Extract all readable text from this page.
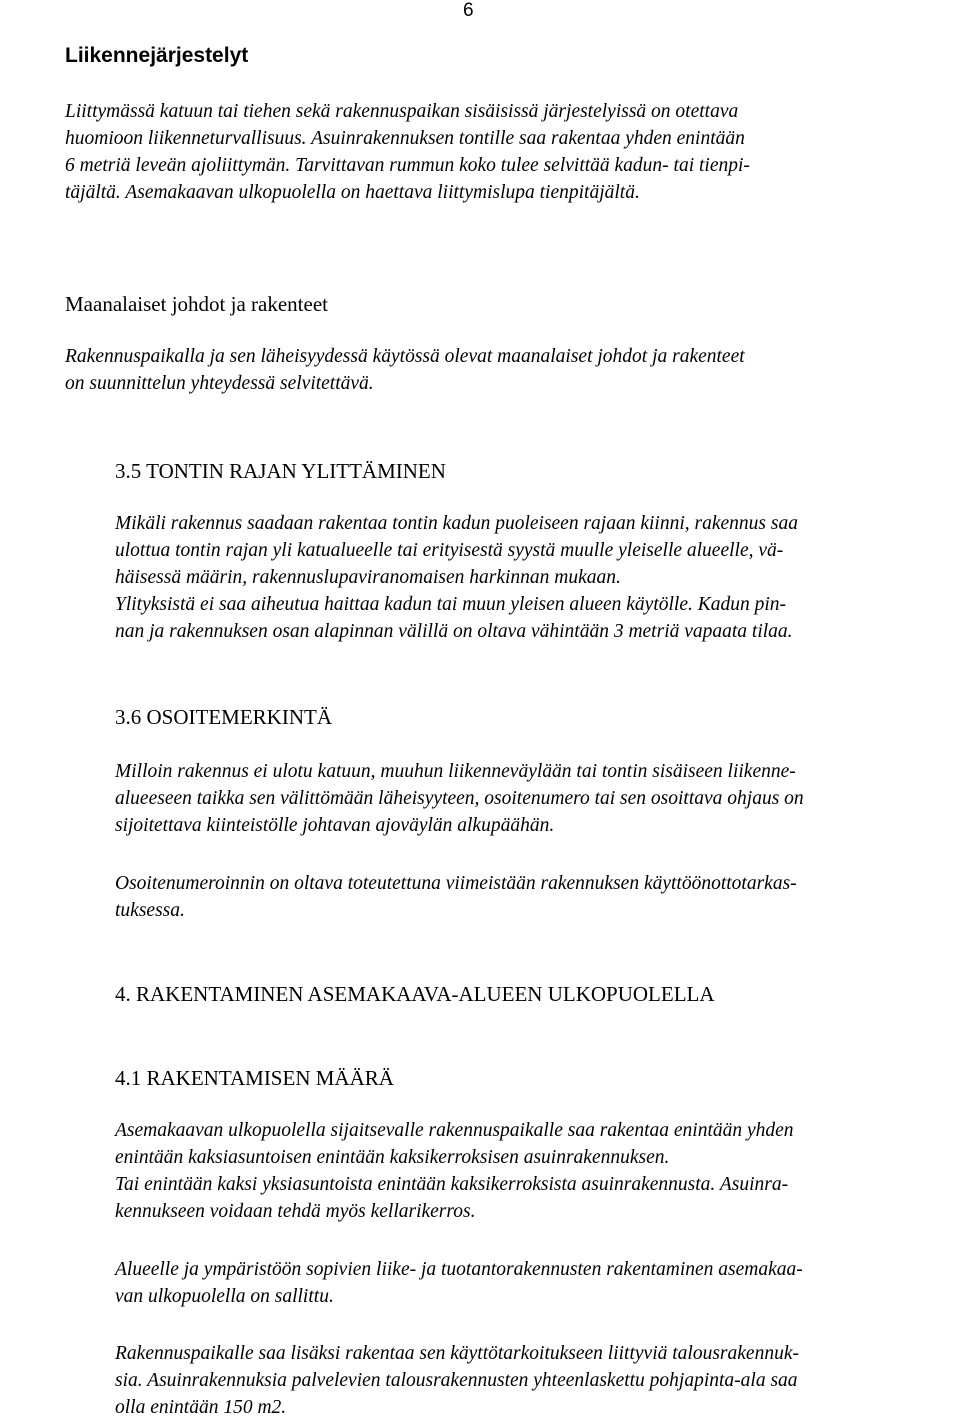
6
Liikennejärjestelyt
Liittymässä katuun tai tiehen sekä rakennuspaikan sisäisissä järjestelyissä on otettava
huomioon liikenneturvallisuus. Asuinrakennuksen tontille saa rakentaa yhden enintään
6 metriä leveän ajoliittymän. Tarvittavan rummun koko tulee selvittää kadun- tai tienpi-
täjältä. Asemakaavan ulkopuolella on haettava liittymislupa tienpitäjältä.
Maanalaiset johdot ja rakenteet
Rakennuspaikalla ja sen läheisyydessä käytössä olevat maanalaiset johdot ja rakenteet
on suunnittelun yhteydessä selvitettävä.
3.5 TONTIN RAJAN YLITTÄMINEN
Mikäli rakennus saadaan rakentaa tontin kadun puoleiseen rajaan kiinni, rakennus saa
ulottua tontin rajan yli katualueelle tai erityisestä syystä muulle yleiselle alueelle, vä-
häisessä määrin, rakennuslupaviranomaisen harkinnan mukaan.
Ylityksistä ei saa aiheutua haittaa kadun tai muun yleisen alueen käytölle. Kadun pin-
nan ja rakennuksen osan alapinnan välillä on oltava vähintään 3 metriä vapaata tilaa.
3.6 OSOITEMERKINTÄ
Milloin rakennus ei ulotu katuun, muuhun liikenneväylään tai tontin sisäiseen liikenne-
alueeseen taikka sen välittömään läheisyyteen, osoitenumero tai sen osoittava ohjaus on
sijoitettava kiinteistölle johtavan ajoväylän alkupäähän.
Osoitenumeroinnin on oltava toteutettuna viimeistään rakennuksen käyttöönottotarkas-
tuksessa.
4. RAKENTAMINEN ASEMAKAAVA-ALUEEN ULKOPUOLELLA
4.1 RAKENTAMISEN MÄÄRÄ
Asemakaavan ulkopuolella sijaitsevalle rakennuspaikalle saa rakentaa enintään yhden
enintään kaksiasuntoisen enintään kaksikerroksisen asuinrakennuksen.
Tai enintään kaksi yksiasuntoista enintään kaksikerroksista asuinrakennusta. Asuinra-
kennukseen voidaan tehdä myös kellarikerros.
Alueelle ja ympäristöön sopivien liike- ja tuotantorakennusten rakentaminen asemakaa-
van ulkopuolella on sallittu.
Rakennuspaikalle saa lisäksi rakentaa sen käyttötarkoitukseen liittyviä talousrakennuk-
sia. Asuinrakennuksia palvelevien talousrakennusten yhteenlaskettu pohjapinta-ala saa
olla enintään 150 m2.
